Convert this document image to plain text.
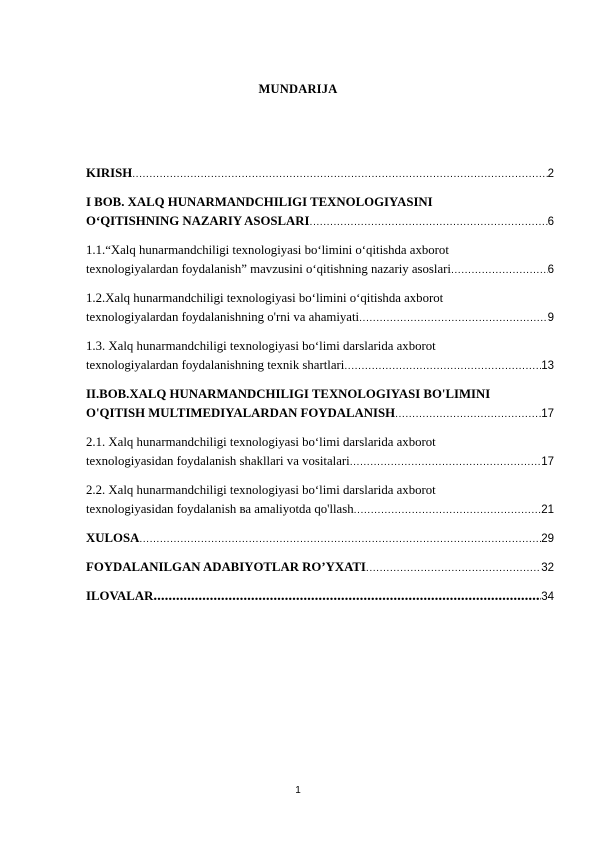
MUNDARIJA
KIRISH .....	2
I BOB. XALQ HUNARMANDCHILIGI TEXNOLOGIYASINI
O‘QITISHNING NAZARIY ASOSLARI .....	6
1.1.“Xalq hunarmandchiligi texnologiyasi bo‘limini o‘qitishda axborot
texnologiyalardan foydalanish” mavzusini o‘qitishning nazariy asoslari .....	6
1.2.Xalq hunarmandchiligi texnologiyasi bo‘limini o‘qitishda axborot
texnologiyalardan foydalanishning o'rni va ahamiyati .....	9
1.3. Xalq hunarmandchiligi texnologiyasi bo‘limi darslarida axborot
texnologiyalardan foydalanishning texnik shartlari .....	13
II.BOB.XALQ HUNARMANDCHILIGI TEXNOLOGIYASI BO'LIMINI
O'QITISH MULTIMEDIYALARDAN FOYDALANISH .....	17
2.1. Xalq hunarmandchiligi texnologiyasi bo‘limi darslarida axborot
texnologiyasidan foydalanish shakllari va vositalari .....	17
2.2. Xalq hunarmandchiligi texnologiyasi bo‘limi darslarida axborot
texnologiyasidan foydalanish ва amaliyotda qo'llash .....	21
XULOSA .....	29
FOYDALANILGAN ADABIYOTLAR RO’YXATI .....	32
ILOVALAR .....	34
1
